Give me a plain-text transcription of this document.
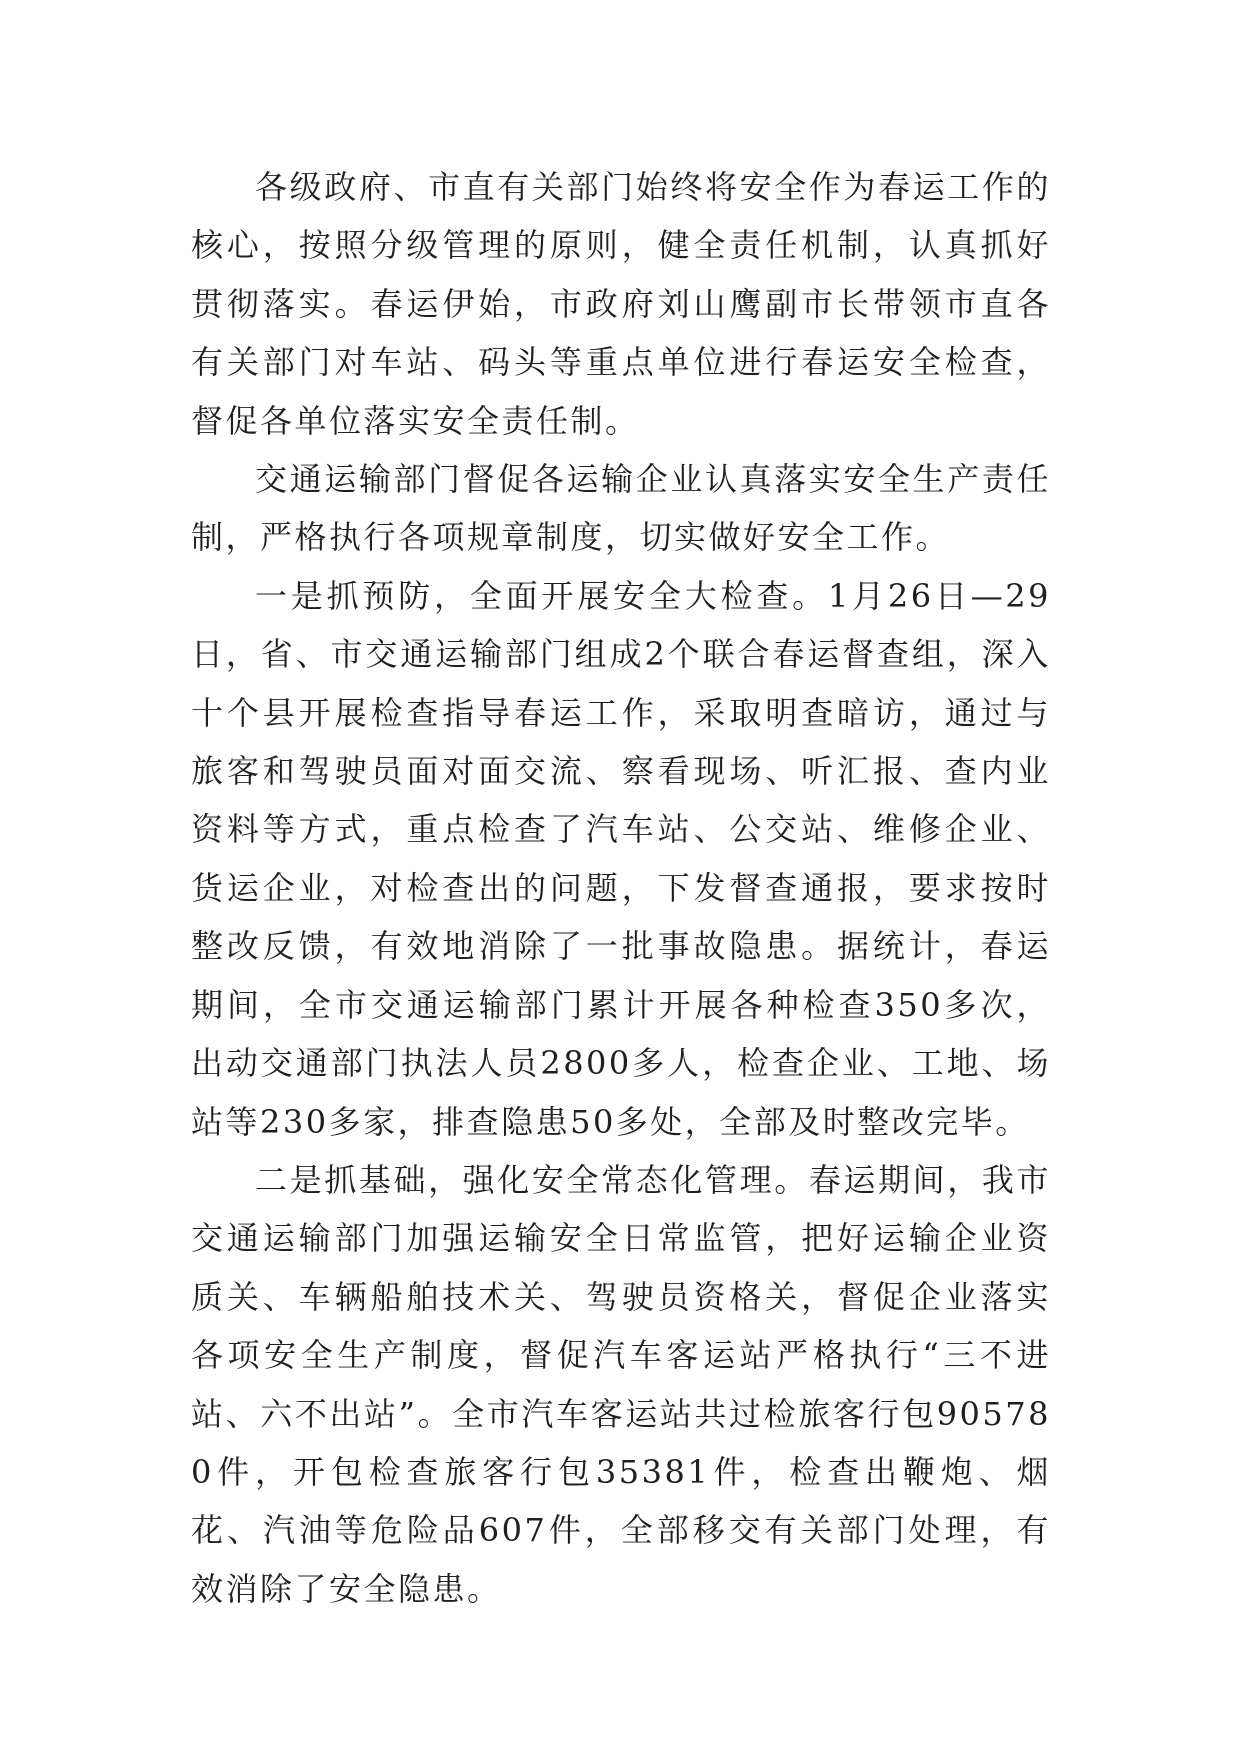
各级政府、市直有关部门始终将安全作为春运工作的核心，按照分级管理的原则，健全责任机制，认真抓好贯彻落实。春运伊始，市政府刘山鹰副市长带领市直各有关部门对车站、码头等重点单位进行春运安全检查，督促各单位落实安全责任制。

交通运输部门督促各运输企业认真落实安全生产责任制，严格执行各项规章制度，切实做好安全工作。

一是抓预防，全面开展安全大检查。1月26日—29日，省、市交通运输部门组成2个联合春运督查组，深入十个县开展检查指导春运工作，采取明查暗访，通过与旅客和驾驶员面对面交流、察看现场、听汇报、查内业资料等方式，重点检查了汽车站、公交站、维修企业、货运企业，对检查出的问题，下发督查通报，要求按时整改反馈，有效地消除了一批事故隐患。据统计，春运期间，全市交通运输部门累计开展各种检查350多次，出动交通部门执法人员2800多人，检查企业、工地、场站等230多家，排查隐患50多处，全部及时整改完毕。

二是抓基础，强化安全常态化管理。春运期间，我市交通运输部门加强运输安全日常监管，把好运输企业资质关、车辆船舶技术关、驾驶员资格关，督促企业落实各项安全生产制度，督促汽车客运站严格执行“三不进站、六不出站”。全市汽车客运站共过检旅客行包905780件，开包检查旅客行包35381件，检查出鞭炮、烟花、汽油等危险品607件，全部移交有关部门处理，有效消除了安全隐患。
